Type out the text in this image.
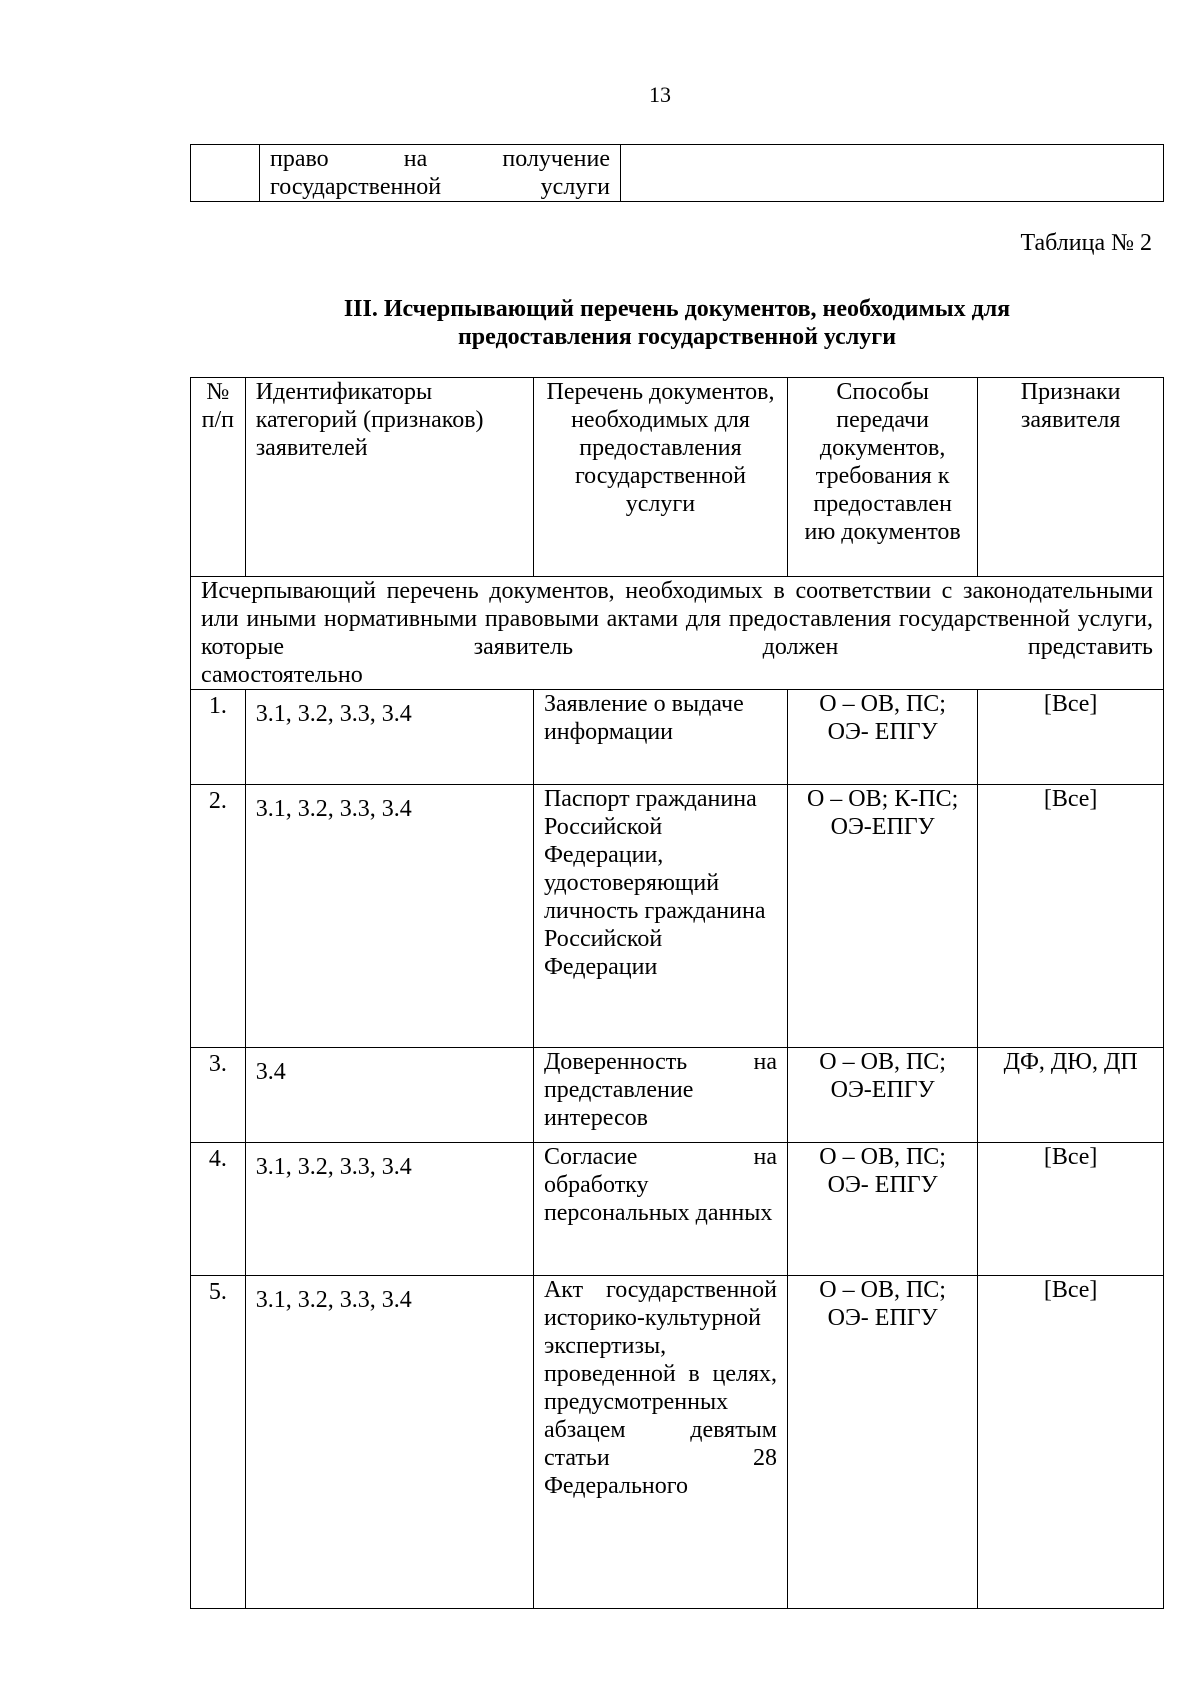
13

право на получение
государственной услуги

Таблица № 2
III. Исчерпывающий перечень документов, необходимых для
предоставления государственной услуги
№ п/п	Идентификаторы категорий (признаков) заявителей	Перечень документов, необходимых для предоставления государственной услуги	Способы передачи документов, требования к предоставлен ию документов	Признаки заявителя

Исчерпывающий перечень документов, необходимых в соответствии с законодательными или иными нормативными правовыми актами для предоставления государственной услуги, которые заявитель должен представить
самостоятельно				
1.	3.1, 3.2, 3.3, 3.4	Заявление о выдаче информации	О – ОВ, ПС; ОЭ- ЕПГУ	[Все]
2.	3.1, 3.2, 3.3, 3.4	Паспорт гражданина Российской Федерации, удостоверяющий личность гражданина Российской Федерации	О – ОВ; К-ПС; ОЭ-ЕПГУ	[Все]
3.	3.4	Доверенность на представление интересов	О – ОВ, ПС; ОЭ-ЕПГУ	ДФ, ДЮ, ДП
4.	3.1, 3.2, 3.3, 3.4	Согласие на обработку персональных данных	О – ОВ, ПС; ОЭ- ЕПГУ	[Все]
5.	3.1, 3.2, 3.3, 3.4	Акт государственной историко-культурной экспертизы, проведенной в целях, предусмотренных абзацем девятым статьи 28 Федерального	О – ОВ, ПС; ОЭ- ЕПГУ	[Все]
